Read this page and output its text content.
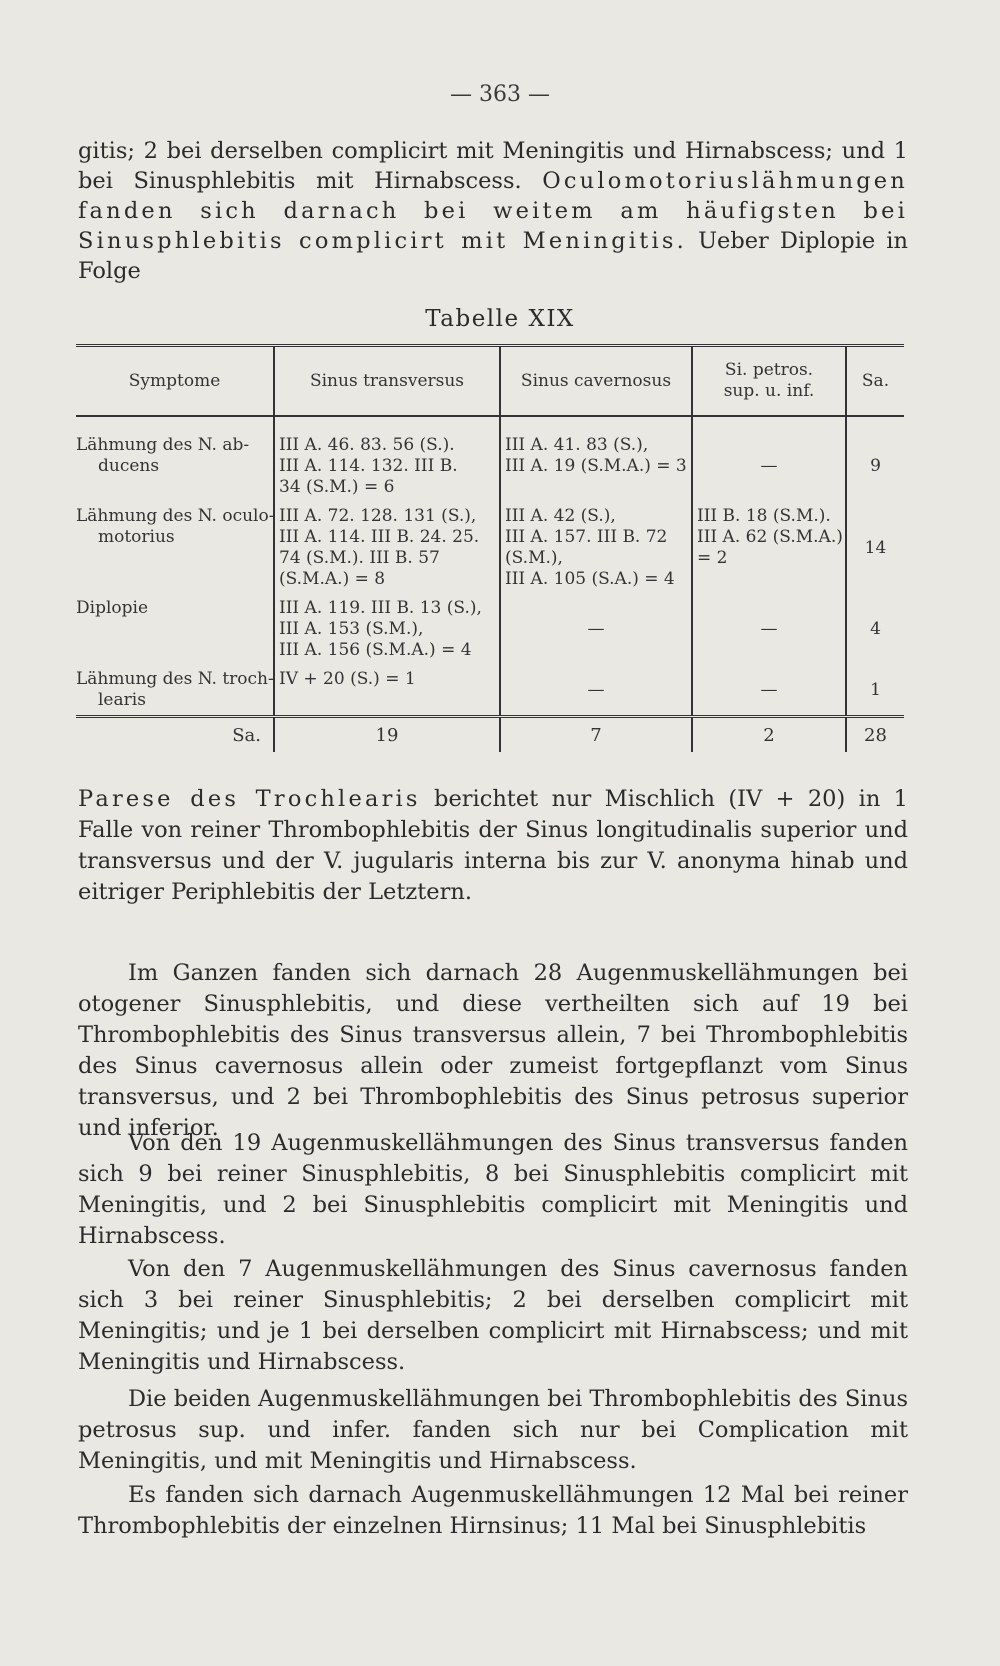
— 363 —

gitis; 2 bei derselben complicirt mit Meningitis und Hirnabscess; und 1 bei Sinusphlebitis mit Hirnabscess. Oculomotoriuslähmungen fanden sich darnach bei weitem am häufigsten bei Sinusphlebitis complicirt mit Meningitis. Ueber Diplopie in Folge

Tabelle XIX
Symptome	Sinus transversus	Sinus cavernosus	Si. petros.
sup. u. inf.	Sa.

Lähmung des N. ab-
ducens	III A. 46. 83. 56 (S.).
III A. 114. 132. III B.
34 (S.M.) = 6	III A. 41. 83 (S.),
III A. 19 (S.M.A.) = 3	—	9

Lähmung des N. oculo-
motorius	III A. 72. 128. 131 (S.),
III A. 114. III B. 24. 25.
74 (S.M.). III B. 57
(S.M.A.) = 8	III A. 42 (S.),
III A. 157. III B. 72
(S.M.),
III A. 105 (S.A.) = 4	III B. 18 (S.M.).
III A. 62 (S.M.A.)
= 2	14

Diplopie	III A. 119. III B. 13 (S.),
III A. 153 (S.M.),
III A. 156 (S.M.A.) = 4	—	—	4

Lähmung des N. troch-
learis	IV + 20 (S.) = 1	—	—	1
Sa.	19	7	2	28

Parese des Trochlearis berichtet nur Mischlich (IV + 20) in 1 Falle von reiner Thrombophlebitis der Sinus longitudinalis superior und transversus und der V. jugularis interna bis zur V. anonyma hinab und eitriger Periphlebitis der Letztern.

Im Ganzen fanden sich darnach 28 Augenmuskellähmungen bei otogener Sinusphlebitis, und diese vertheilten sich auf 19 bei Thrombophlebitis des Sinus transversus allein, 7 bei Thrombophlebitis des Sinus cavernosus allein oder zumeist fortgepflanzt vom Sinus transversus, und 2 bei Thrombophlebitis des Sinus petrosus superior und inferior.

Von den 19 Augenmuskellähmungen des Sinus transversus fanden sich 9 bei reiner Sinusphlebitis, 8 bei Sinusphlebitis complicirt mit Meningitis, und 2 bei Sinusphlebitis complicirt mit Meningitis und Hirnabscess.

Von den 7 Augenmuskellähmungen des Sinus cavernosus fanden sich 3 bei reiner Sinusphlebitis; 2 bei derselben complicirt mit Meningitis; und je 1 bei derselben complicirt mit Hirnabscess; und mit Meningitis und Hirnabscess.

Die beiden Augenmuskellähmungen bei Thrombophlebitis des Sinus petrosus sup. und infer. fanden sich nur bei Complication mit Meningitis, und mit Meningitis und Hirnabscess.

Es fanden sich darnach Augenmuskellähmungen 12 Mal bei reiner Thrombophlebitis der einzelnen Hirnsinus; 11 Mal bei Sinusphlebitis
